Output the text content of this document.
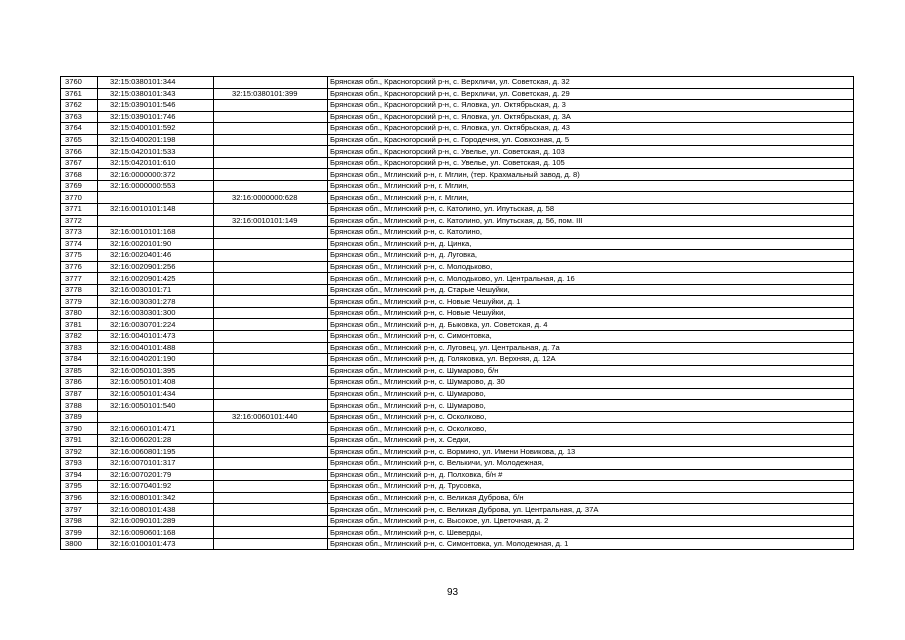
3760	32:15:0380101:344		Брянская обл., Красногорский р-н, с. Верхличи, ул. Советская, д. 32
3761	32:15:0380101:343	32:15:0380101:399	Брянская обл., Красногорский р-н, с. Верхличи, ул. Советская, д. 29
3762	32:15:0390101:546		Брянская обл., Красногорский р-н, с. Яловка, ул. Октябрьская, д. 3
3763	32:15:0390101:746		Брянская обл., Красногорский р-н, с. Яловка, ул. Октябрьская, д. 3А
3764	32:15:0400101:592		Брянская обл., Красногорский р-н, с. Яловка, ул. Октябрьская, д. 43
3765	32:15:0400201:198		Брянская обл., Красногорский р-н, с. Городечня, ул. Совхозная, д. 5
3766	32:15:0420101:533		Брянская обл., Красногорский р-н, с. Увелье, ул. Советская, д. 103
3767	32:15:0420101:610		Брянская обл., Красногорский р-н, с. Увелье, ул. Советская, д. 105
3768	32:16:0000000:372		Брянская обл., Мглинский р-н, г. Мглин, (тер. Крахмальный завод, д. 8)
3769	32:16:0000000:553		Брянская обл., Мглинский р-н, г. Мглин,
3770		32:16:0000000:628	Брянская обл., Мглинский р-н, г. Мглин,
3771	32:16:0010101:148		Брянская обл., Мглинский р-н, с. Католино, ул. Ипутьская, д. 58
3772		32:16:0010101:149	Брянская обл., Мглинский р-н, с. Католино, ул. Ипутьская, д. 56, пом. III
3773	32:16:0010101:168		Брянская обл., Мглинский р-н, с. Католино,
3774	32:16:0020101:90		Брянская обл., Мглинский р-н, д. Цинка,
3775	32:16:0020401:46		Брянская обл., Мглинский р-н, д. Луговка,
3776	32:16:0020901:256		Брянская обл., Мглинский р-н, с. Молодьково,
3777	32:16:0020901:425		Брянская обл., Мглинский р-н, с. Молодьково, ул. Центральная, д. 16
3778	32:16:0030101:71		Брянская обл., Мглинский р-н, д. Старые Чешуйки,
3779	32:16:0030301:278		Брянская обл., Мглинский р-н, с. Новые Чешуйки, д. 1
3780	32:16:0030301:300		Брянская обл., Мглинский р-н, с. Новые Чешуйки,
3781	32:16:0030701:224		Брянская обл., Мглинский р-н, д. Быковка, ул. Советская, д. 4
3782	32:16:0040101:473		Брянская обл., Мглинский р-н, с. Симонтовка,
3783	32:16:0040101:488		Брянская обл., Мглинский р-н, с. Луговец, ул. Центральная, д. 7а
3784	32:16:0040201:190		Брянская обл., Мглинский р-н, д. Голяковка, ул. Верхняя, д. 12А
3785	32:16:0050101:395		Брянская обл., Мглинский р-н, с. Шумарово, б/н
3786	32:16:0050101:408		Брянская обл., Мглинский р-н, с. Шумарово, д. 30
3787	32:16:0050101:434		Брянская обл., Мглинский р-н, с. Шумарово,
3788	32:16:0050101:540		Брянская обл., Мглинский р-н, с. Шумарово,
3789		32:16:0060101:440	Брянская обл., Мглинский р-н, с. Осколково,
3790	32:16:0060101:471		Брянская обл., Мглинский р-н, с. Осколково,
3791	32:16:0060201:28		Брянская обл., Мглинский р-н, х. Седки,
3792	32:16:0060801:195		Брянская обл., Мглинский р-н, с. Вормино, ул. Имени Новикова, д. 13
3793	32:16:0070101:317		Брянская обл., Мглинский р-н, с. Велькичи, ул. Молодежная,
3794	32:16:0070201:79		Брянская обл., Мглинский р-н, д. Полховка, б/н #
3795	32:16:0070401:92		Брянская обл., Мглинский р-н, д. Трусовка,
3796	32:16:0080101:342		Брянская обл., Мглинский р-н, с. Великая Дуброва, б/н
3797	32:16:0080101:438		Брянская обл., Мглинский р-н, с. Великая Дуброва, ул. Центральная, д. 37А
3798	32:16:0090101:289		Брянская обл., Мглинский р-н, с. Высокое, ул. Цветочная, д. 2
3799	32:16:0090601:168		Брянская обл., Мглинский р-н, с. Шеверды,
3800	32:16:0100101:473		Брянская обл., Мглинский р-н, с. Симонтовка, ул. Молодежная, д. 1
93
